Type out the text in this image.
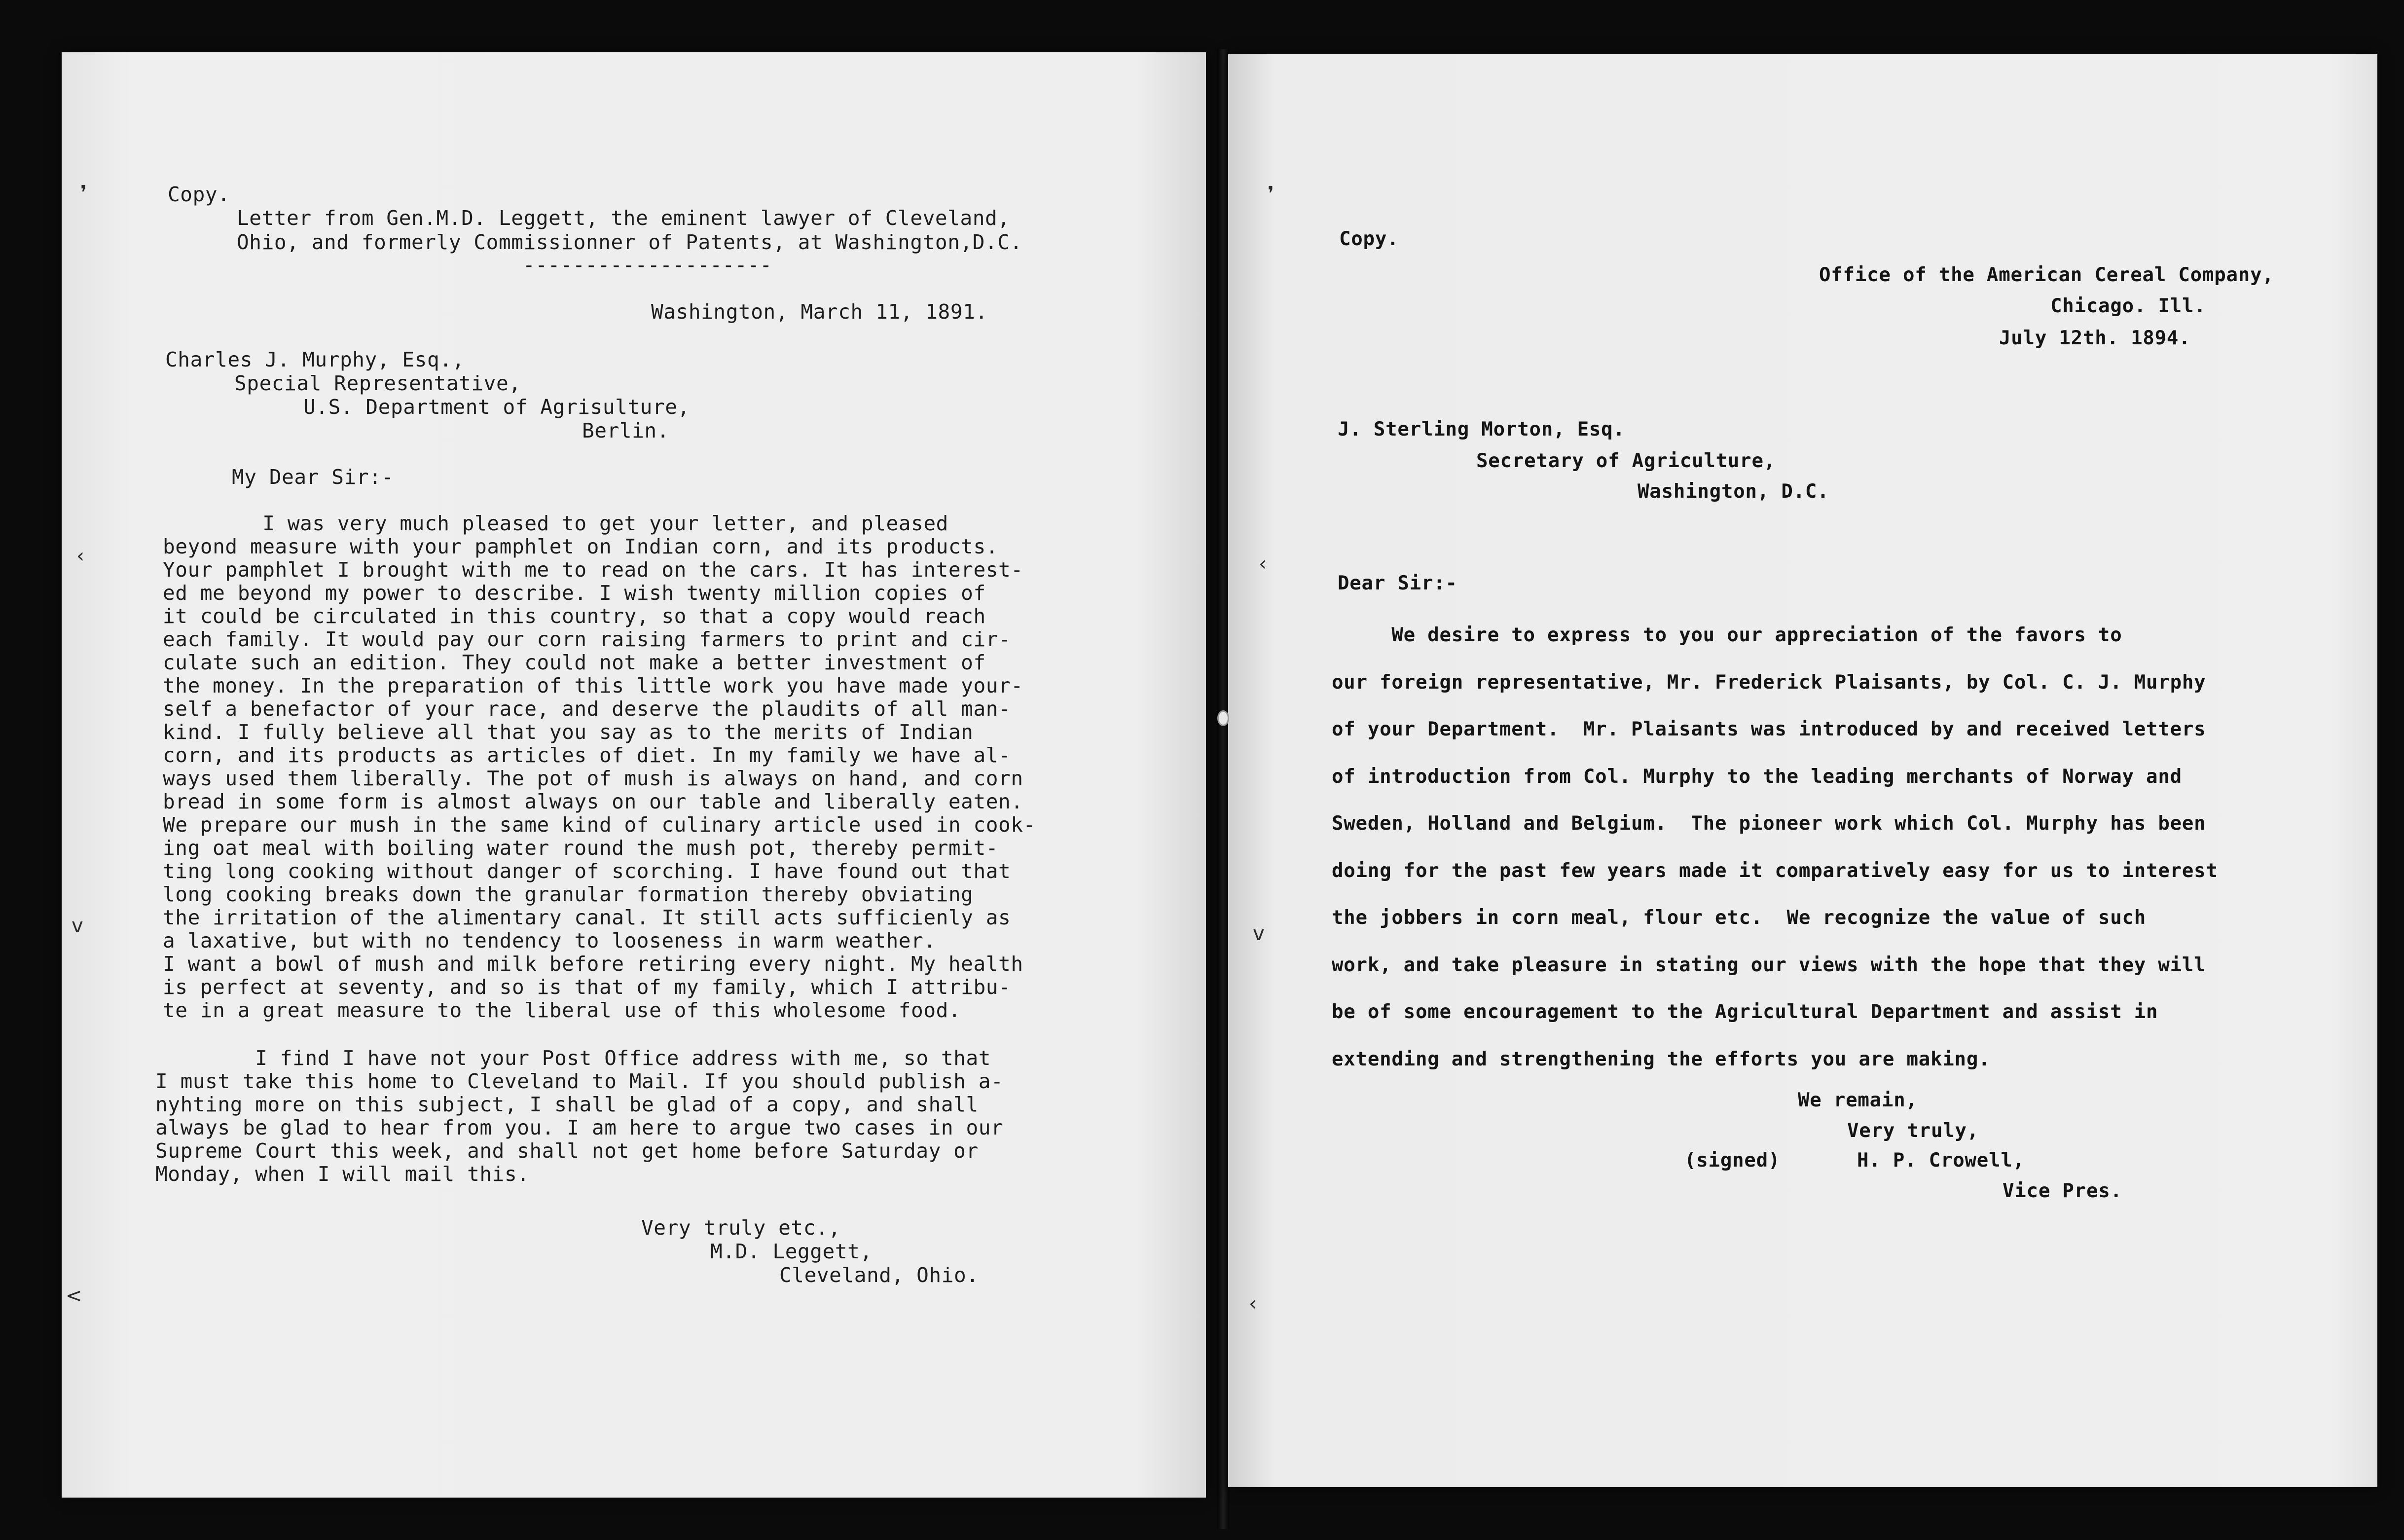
❜
‹
v
<
Copy.
Letter from Gen.M.D. Leggett, the eminent lawyer of Cleveland,
Ohio, and formerly Commissionner of Patents, at Washington,D.C.
--------------------
Washington, March 11, 1891.
Charles J. Murphy, Esq.,
Special Representative,
U.S. Department of Agrisulture,
Berlin.
My Dear Sir:-
I was very much pleased to get your letter, and pleased
beyond measure with your pamphlet on Indian corn, and its products.
Your pamphlet I brought with me to read on the cars. It has interest-
ed me beyond my power to describe. I wish twenty million copies of
it could be circulated in this country, so that a copy would reach
each family. It would pay our corn raising farmers to print and cir-
culate such an edition. They could not make a better investment of
the money. In the preparation of this little work you have made your-
self a benefactor of your race, and deserve the plaudits of all man-
kind. I fully believe all that you say as to the merits of Indian
corn, and its products as articles of diet. In my family we have al-
ways used them liberally. The pot of mush is always on hand, and corn
bread in some form is almost always on our table and liberally eaten.
We prepare our mush in the same kind of culinary article used in cook-
ing oat meal with boiling water round the mush pot, thereby permit-
ting long cooking without danger of scorching. I have found out that
long cooking breaks down the granular formation thereby obviating
the irritation of the alimentary canal. It still acts sufficienly as
a laxative, but with no tendency to looseness in warm weather.
I want a bowl of mush and milk before retiring every night. My health
is perfect at seventy, and so is that of my family, which I attribu-
te in a great measure to the liberal use of this wholesome food.
I find I have not your Post Office address with me, so that
I must take this home to Cleveland to Mail. If you should publish a-
nyhting more on this subject, I shall be glad of a copy, and shall
always be glad to hear from you. I am here to argue two cases in our
Supreme Court this week, and shall not get home before Saturday or
Monday, when I will mail this.
Very truly etc.,
M.D. Leggett,
Cleveland, Ohio.
❜
‹
v
‹
Copy.
Office of the American Cereal Company,
Chicago. Ill.
July 12th. 1894.
J. Sterling Morton, Esq.
Secretary of Agriculture,
Washington, D.C.
Dear Sir:-
We desire to express to you our appreciation of the favors to
our foreign representative, Mr. Frederick Plaisants, by Col. C. J. Murphy
of your Department.  Mr. Plaisants was introduced by and received letters
of introduction from Col. Murphy to the leading merchants of Norway and
Sweden, Holland and Belgium.  The pioneer work which Col. Murphy has been
doing for the past few years made it comparatively easy for us to interest
the jobbers in corn meal, flour etc.  We recognize the value of such
work, and take pleasure in stating our views with the hope that they will
be of some encouragement to the Agricultural Department and assist in
extending and strengthening the efforts you are making.
We remain,
Very truly,
(signed)	H. P. Crowell,
Vice Pres.
